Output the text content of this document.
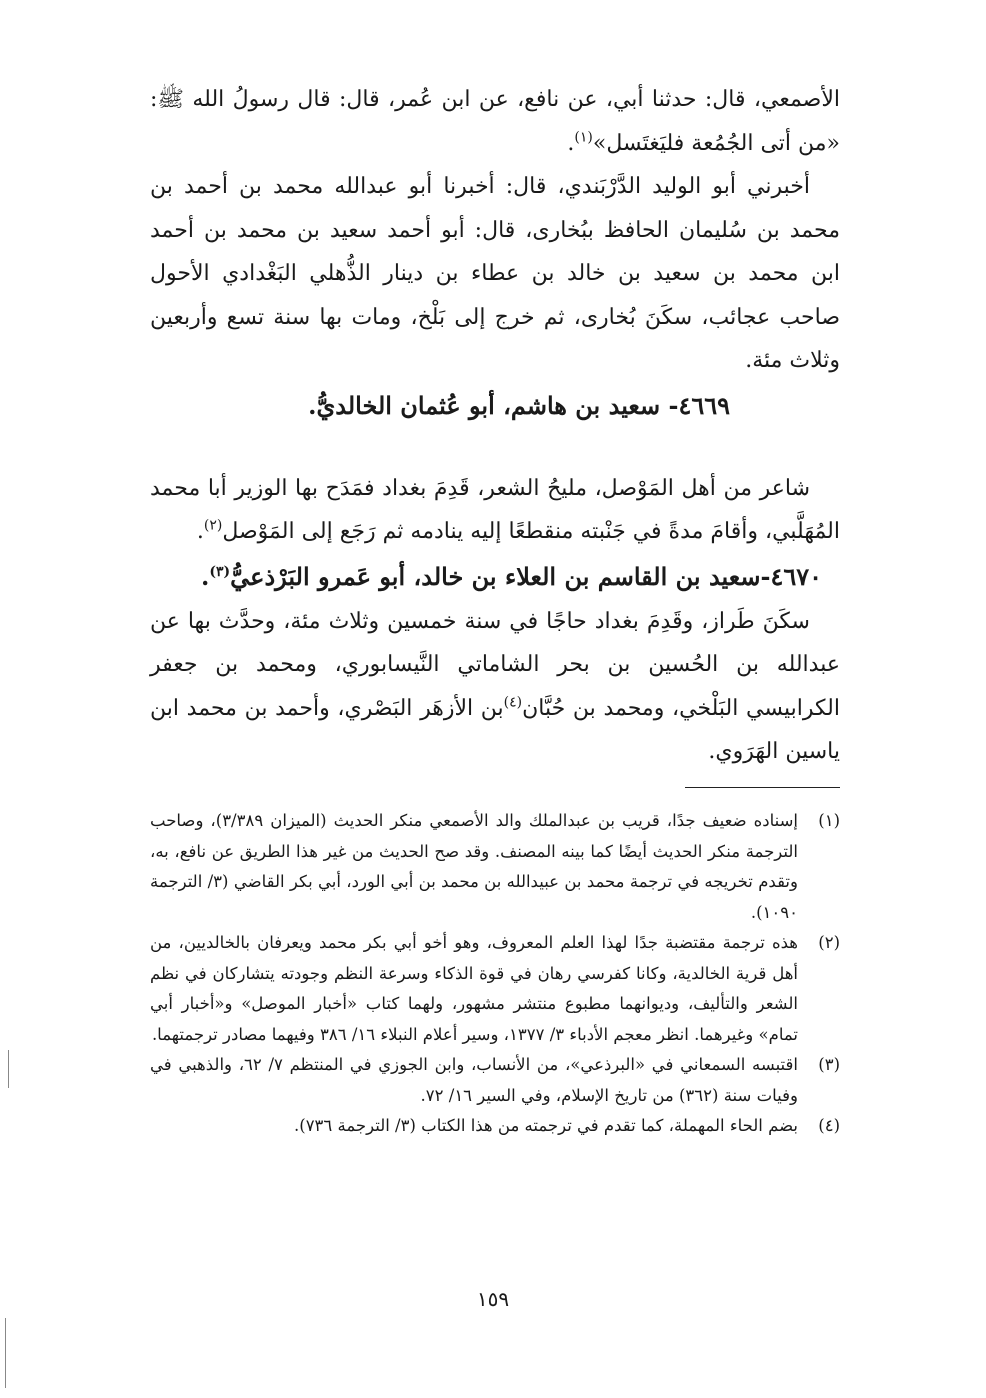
الأصمعي، قال: حدثنا أبي، عن نافع، عن ابن عُمر، قال: قال رسولُ الله ﷺ: «من أتى الجُمُعة فليَغتَسل»$^{(١)}$.

أخبرني أبو الوليد الدَّرْبَندي، قال: أخبرنا أبو عبدالله محمد بن أحمد بن محمد بن سُليمان الحافظ ببُخارى، قال: أبو أحمد سعيد بن محمد بن أحمد ابن محمد بن سعيد بن خالد بن عطاء بن دينار الذُّهلي البَغْدادي الأحول صاحب عجائب، سكَنَ بُخارى، ثم خرج إلى بَلْخ، ومات بها سنة تسع وأربعين وثلاث مئة.

٤٦٦٩- سعيد بن هاشم، أبو عُثمان الخالديُّ.

شاعر من أهل المَوْصل، مليحُ الشعر، قَدِمَ بغداد فمَدَح بها الوزير أبا محمد المُهَلَّبي، وأقامَ مدةً في جَنْبته منقطعًا إليه ينادمه ثم رَجَع إلى المَوْصل$^{(٢)}$.

٤٦٧٠-سعيد بن القاسم بن العلاء بن خالد، أبو عَمرو البَرْذعيُّ$^{(٣)}$.

سكَنَ طَراز، وقَدِمَ بغداد حاجًا في سنة خمسين وثلاث مئة، وحدَّث بها عن عبدالله بن الحُسين بن بحر الشاماتي النَّيسابوري، ومحمد بن جعفر الكرابيسي البَلْخي، ومحمد بن حُبَّان$^{(٤)}$بن الأزهَر البَصْري، وأحمد بن محمد ابن ياسين الهَرَوي.

(١)
إسناده ضعيف جدًا، قريب بن عبدالملك والد الأصمعي منكر الحديث (الميزان ٣/٣٨٩)، وصاحب الترجمة منكر الحديث أيضًا كما بينه المصنف. وقد صح الحديث من غير هذا الطريق عن نافع، به، وتقدم تخريجه في ترجمة محمد بن عبيدالله بن محمد بن أبي الورد، أبي بكر القاضي (٣/ الترجمة ١٠٩٠).
(٢)
هذه ترجمة مقتضبة جدًا لهذا العلم المعروف، وهو أخو أبي بكر محمد ويعرفان بالخالديين، من أهل قرية الخالدية، وكانا كفرسي رهان في قوة الذكاء وسرعة النظم وجودته يتشاركان في نظم الشعر والتأليف، وديوانهما مطبوع منتشر مشهور، ولهما كتاب «أخبار الموصل» و«أخبار أبي تمام» وغيرهما. انظر معجم الأدباء ٣/ ١٣٧٧، وسير أعلام النبلاء ١٦/ ٣٨٦ وفيهما مصادر ترجمتهما.
(٣)
اقتبسه السمعاني في «البرذعي»، من الأنساب، وابن الجوزي في المنتظم ٧/ ٦٢، والذهبي في وفيات سنة (٣٦٢) من تاريخ الإسلام، وفي السير ١٦/ ٧٢.
(٤)
بضم الحاء المهملة، كما تقدم في ترجمته من هذا الكتاب (٣/ الترجمة ٧٣٦).
١٥٩
